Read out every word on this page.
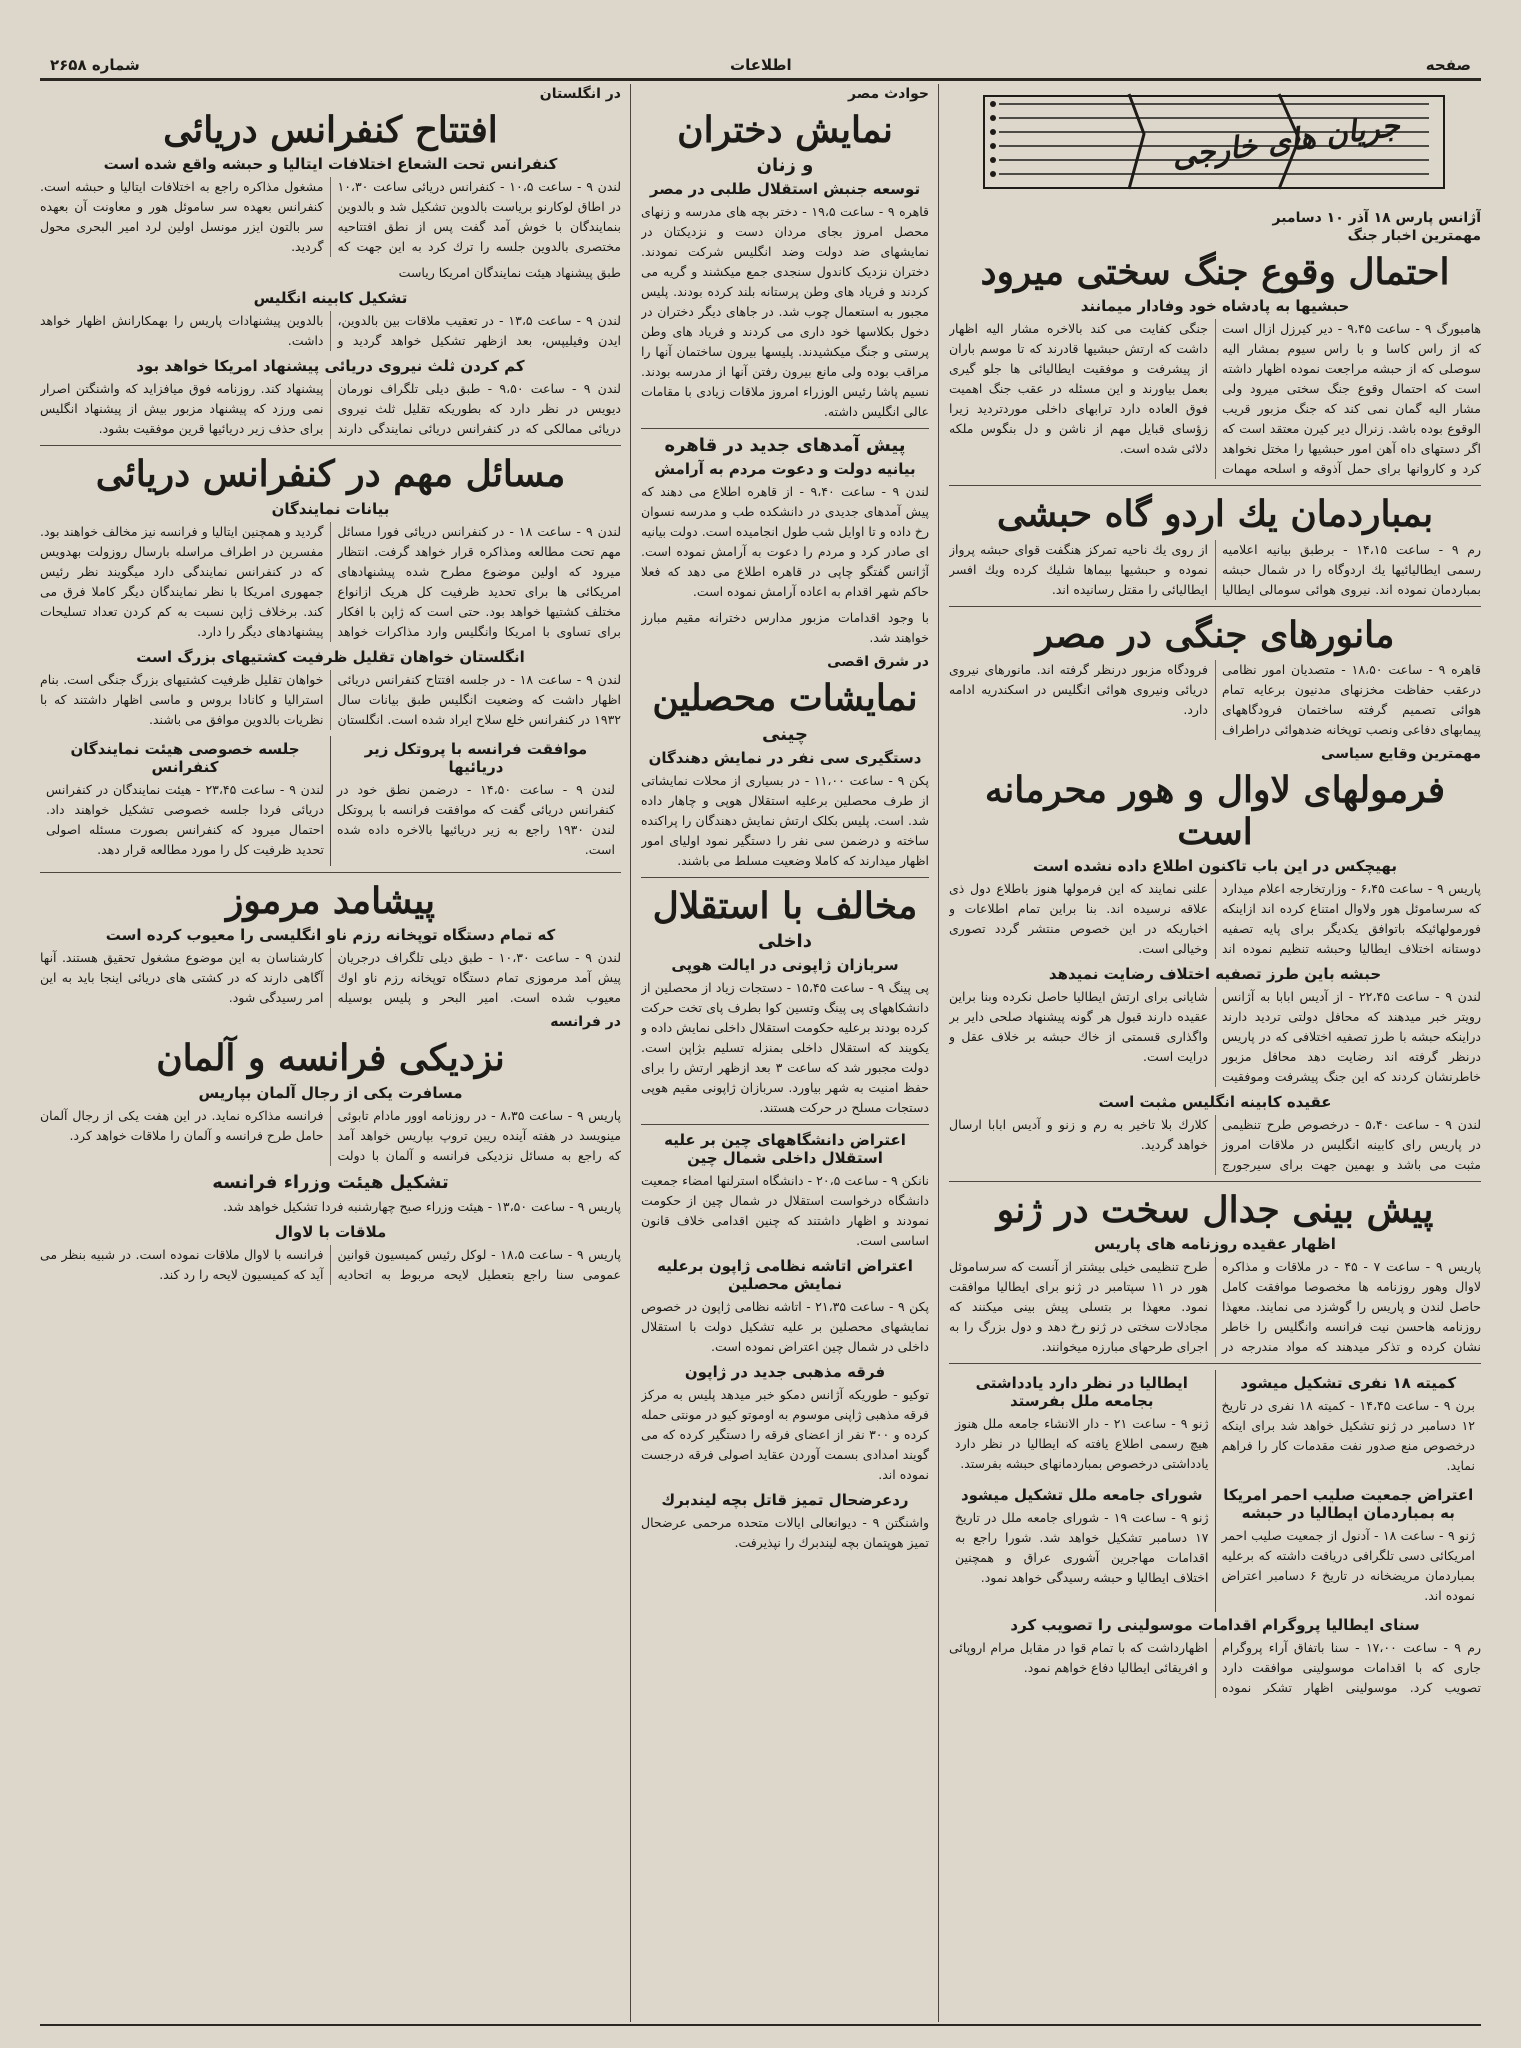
صفحه
اطلاعات
شماره ۲۶۵۸
جریان های خارجی
آژانس پارس ۱۸ آذر ۱۰ دسامبر
مهمترین اخبار جنگ
احتمال وقوع جنگ سختی میرود
حبشیها به پادشاه خود وفادار میمانند
هامبورگ ۹ - ساعت ۹،۴۵ - دیر کیرزل ازال است که از راس کاسا و با راس سیوم بمشار الیه سوصلی که از حبشه مراجعت نموده اظهار داشته است که احتمال وقوع جنگ سختی میرود ولی مشار الیه گمان نمی کند که جنگ مزبور قریب الوقوع بوده باشد. زنرال دیر کیرن معتقد است که اگر دستهای داه آهن امور حبشیها را مختل نخواهد کرد و کاروانها برای حمل آذوقه و اسلحه مهمات جنگی کفایت می کند بالاخره مشار الیه اظهار داشت که ارتش حبشیها قادرند که تا موسم باران از پیشرفت و موفقیت ایطالیائی ها جلو گیری بعمل بیاورند و این مسئله در عقب جنگ اهمیت فوق العاده دارد ترابهای داخلی موردتردید زیرا زؤسای قبایل مهم از ناشن و دل بنگوس ملکه دلائی شده است.
بمباردمان یك اردو گاه حبشی
رم ۹ - ساعت ۱۴،۱۵ - برطبق بیانیه اعلامیه رسمی ایطالیائیها یك اردوگاه را در شمال حبشه بمباردمان نموده اند. نیروی هوائی سومالی ایطالیا از روی یك ناحیه تمرکز هنگفت قوای حبشه پرواز نموده و حبشیها بیماها شلیك کرده ویك افسر ایطالیائی را مقتل رسانیده اند.
مانورهای جنگی در مصر
قاهره ۹ - ساعت ۱۸،۵۰ - متصدیان امور نظامی درعقب حفاظت مخزنهای مدنیون برعایه تمام هوائی تصمیم گرفته ساختمان فرودگاههای پیمابهای دفاعی ونصب توپخانه ضدهوائی دراطراف فرودگاه مزبور درنظر گرفته اند. مانورهای نیروی دریائی ونیروی هوائی انگلیس در اسکندریه ادامه دارد.
مهمترین وقایع سیاسی
فرمولهای لاوال و هور محرمانه است
بهیچکس در این باب تاکنون اطلاع داده نشده است
پاریس ۹ - ساعت ۶،۴۵ - وزارتخارجه اعلام میدارد که سرساموئل هور ولاوال امتناع کرده اند ازاینکه فورمولهائیکه باتوافق یکدیگر برای پایه تصفیه دوستانه اختلاف ایطالیا وحبشه تنظیم نموده اند علنی نمایند که این فرمولها هنوز باطلاع دول ذی علاقه نرسیده اند. بنا براین تمام اطلاعات و اخباریکه در این خصوص منتشر گردد تصوری وخیالی است.
حبشه باین طرز تصفیه اختلاف رضایت نمیدهد
لندن ۹ - ساعت ۲۲،۴۵ - از آدیس ابابا به آژانس رویتر خبر میدهند که محافل دولتی تردید دارند دراینکه حبشه با طرز تصفیه اختلافی که در پاریس درنظر گرفته اند رضایت دهد محافل مزبور خاطرنشان کردند که این جنگ پیشرفت وموفقیت شایانی برای ارتش ایطالیا حاصل نکرده وبنا براین عقیده دارند قبول هر گونه پیشنهاد صلحی داير بر واگذاری قسمتی از خاك حبشه بر خلاف عقل و درایت است.
عقیده کابینه انگلیس مثبت است
لندن ۹ - ساعت ۵،۴۰ - درخصوص طرح تنظیمی در پاریس رای کابینه انگلیس در ملاقات امروز مثبت می باشد و بهمین جهت برای سیرجورج کلارك بلا تاخیر به رم و زنو و آدیس ابابا ارسال خواهد گردید.
پیش بینی جدال سخت در ژنو
اظهار عقیده روزنامه های پاریس
پاریس ۹ - ساعت ۷ - ۴۵ - در ملاقات و مذاکره لاوال وهور روزنامه ها مخصوصا موافقت کامل حاصل لندن و پاریس را گوشزد می نمایند. معهذا روزنامه هاحسن نیت فرانسه وانگلیس را خاطر نشان کرده و تذکر میدهند که مواد مندرجه در طرح تنظیمی خیلی بیشتر از آنست که سرساموئل هور در ۱۱ سپتامبر در ژنو برای ایطالیا موافقت نمود. معهذا بر بتسلی پیش بینی میکنند که مجادلات سختی در ژنو رخ دهد و دول بزرگ را به اجرای طرحهای مبارزه میخوانند.
کمیته ۱۸ نفری تشکیل میشود
برن ۹ - ساعت ۱۴،۴۵ - کمیته ۱۸ نفری در تاریخ ۱۲ دسامبر در ژنو تشکیل خواهد شد برای اینکه درخصوص منع صدور نفت مقدمات کار را فراهم نماید.
ایطالیا در نظر دارد یادداشتی بجامعه ملل بفرستد
ژنو ۹ - ساعت ۲۱ - دار الانشاء جامعه ملل هنوز هیچ رسمی اطلاع یافته که ایطالیا در نظر دارد یادداشتی درخصوص بمباردمانهای حبشه بفرستد.
اعتراض جمعیت صلیب احمر امریکا به بمباردمان ایطالیا در حبشه
ژنو ۹ - ساعت ۱۸ - آدنول از جمعیت صلیب احمر امریکائی دسی تلگرافی دریافت داشته که برعلیه بمباردمان مریضخانه در تاریخ ۶ دسامبر اعتراض نموده اند.
شورای جامعه ملل تشکیل میشود
ژنو ۹ - ساعت ۱۹ - شورای جامعه ملل در تاریخ ۱۷ دسامبر تشکیل خواهد شد. شورا راجع به اقدامات مهاجرین آشوری عراق و همچنین اختلاف ایطالیا و حبشه رسیدگی خواهد نمود.
سنای ایطالیا پروگرام اقدامات موسولینی را تصویب کرد
رم ۹ - ساعت ۱۷،۰۰ - سنا باتفاق آراء پروگرام جاری که با اقدامات موسولینی موافقت دارد تصویب کرد. موسولینی اظهار تشکر نموده اظهارداشت که با تمام قوا در مقابل مرام اروپائی و افریقائی ایطالیا دفاع خواهم نمود.
حوادث مصر
نمایش دختران
و زنان
توسعه جنبش استقلال طلبی در مصر
قاهره ۹ - ساعت ۱۹،۵ - دختر بچه های مدرسه و زنهای محصل امروز بجای مردان دست و نزدیکتان در نمایشهای ضد دولت وضد انگلیس شرکت نمودند. دختران نزدیک کاندول سنجدی جمع میکشند و گریه می کردند و فریاد های وطن پرستانه بلند کرده بودند. پلیس مجبور به استعمال چوب شد. در جاهای دیگر دختران در دخول بکلاسها خود داری می کردند و فریاد های وطن پرستی و جنگ میکشیدند. پلیسها بیرون ساختمان آنها را مراقب بوده ولی مانع بیرون رفتن آنها از مدرسه بودند. نسیم پاشا رئیس الوزراء امروز ملاقات زیادی با مقامات عالی انگلیس داشته.
پیش آمدهای جدید در قاهره
بیانیه دولت و دعوت مردم به آرامش
لندن ۹ - ساعت ۹،۴۰ - از قاهره اطلاع می دهند که پیش آمدهای جدیدی در دانشکده طب و مدرسه نسوان رخ داده و تا اوایل شب طول انجامیده است. دولت بیانیه ای صادر کرد و مردم را دعوت به آرامش نموده است. آژانس گفتگو چاپی در قاهره اطلاع می دهد که فعلا حاکم شهر اقدام به اعاده آرامش نموده است.
با وجود اقدامات مزبور مدارس دخترانه مقیم مبارز خواهند شد.
در شرق اقصی
نمایشات محصلین
چینی
دستگیری سی نفر در نمایش دهندگان
پکن ۹ - ساعت ۱۱،۰۰ - در بسیاری از محلات نمایشاتی از طرف محصلین برعلیه استقلال هوپی و چاهار داده شد. است. پلیس بکلک ارتش نمایش دهندگان را پراکنده ساخته و درضمن سی نفر را دستگیر نمود اولیای امور اظهار میدارند که کاملا وضعیت مسلط می باشند.
مخالف با استقلال
داخلی
سربازان ژاپونی در ایالت هوپی
پی پینگ ۹ - ساعت ۱۵،۴۵ - دستجات زیاد از محصلین از دانشکاههای پی پینگ وتسین کوا بطرف پای تخت حرکت کرده بودند برعلیه حکومت استقلال داخلی نمایش داده و یکویند که استقلال داخلی بمنزله تسلیم بژاپن است. دولت مجبور شد که ساعت ۳ بعد ازظهر ارتش را برای حفظ امنیت به شهر بیاورد. سربازان ژاپونی مقیم هوپی دستجات مسلح در حرکت هستند.
اعتراض دانشگاههای چین بر علیه استقلال داخلی شمال چین
نانکن ۹ - ساعت ۲۰،۵ - دانشگاه استرلنها امضاء جمعیت دانشگاه درخواست استقلال در شمال چین از حکومت نمودند و اظهار داشتند که چنین اقدامی خلاف قانون اساسی است.
اعتراض اتاشه نظامی ژاپون برعلیه نمایش محصلین
پکن ۹ - ساعت ۲۱،۳۵ - اتاشه نظامی ژاپون در خصوص نمایشهای محصلین بر علیه تشکیل دولت با استقلال داخلی در شمال چین اعتراض نموده است.
فرقه مذهبی جدید در ژاپون
توکیو - طوریکه آژانس دمکو خبر میدهد پلیس به مرکز فرقه مذهبی ژاپنی موسوم به اوموتو کیو در مونتی حمله کرده و ۳۰۰ نفر از اعضای فرقه را دستگیر کرده که می گویند امدادی بسمت آوردن عقاید اصولی فرقه درجست نموده اند.
ردعرضحال تمیز قاتل بچه لیندبرك
واشنگتن ۹ - دیوانعالی ایالات متحده مرحمی عرضحال تمیز هوپتمان بچه لیندبرك را نپذیرفت.
در انگلستان
افتتاح کنفرانس دریائی
کنفرانس تحت الشعاع اختلافات ایتالیا و حبشه واقع شده است
لندن ۹ - ساعت ۱۰،۵ - کنفرانس دریائی ساعت ۱۰،۳۰ در اطاق لوکارنو بریاست بالدوین تشکیل شد و بالدوین بنمایندگان با خوش آمد گفت پس از نطق افتتاحیه مختصری بالدوین جلسه را ترك کرد به این جهت که مشغول مذاکره راجع به اختلافات ایتالیا و حبشه است. کنفرانس بعهده سر ساموئل هور و معاونت آن بعهده سر بالتون ایزر مونسل اولین لرد امیر البحری محول گردید.
طبق پیشنهاد هیئت نمایندگان امریکا ریاست
تشکیل کابینه انگلیس
لندن ۹ - ساعت ۱۳،۵ - در تعقیب ملاقات بین بالدوین، ایدن وفیلیپس، بعد ازظهر تشکیل خواهد گردید و بالدوین پیشنهادات پاریس را بهمکارانش اظهار خواهد داشت.
کم کردن ثلث نیروی دریائی پیشنهاد امریکا خواهد بود
لندن ۹ - ساعت ۹،۵۰ - طبق دیلی تلگراف نورمان دیویس در نظر دارد که بطوریکه تقلیل ثلث نیروی دریائی ممالکی که در کنفرانس دریائی نمایندگی دارند پیشنهاد کند. روزنامه فوق میافزاید که واشنگتن اصرار نمی ورزد که پیشنهاد مزبور بیش از پیشنهاد انگلیس برای حذف زیر دریائیها قرین موفقیت بشود.
مسائل مهم در کنفرانس دریائی
بیانات نمایندگان
لندن ۹ - ساعت ۱۸ - در کنفرانس دریائی فورا مسائل مهم تحت مطالعه ومذاکره قرار خواهد گرفت. انتظار میرود که اولین موضوع مطرح شده پیشنهادهای امریکائی ها برای تحدید ظرفیت کل هریک ازانواع مختلف کشتیها خواهد بود. حتی است که ژاپن با افکار برای تساوی با امریکا وانگلیس وارد مذاکرات خواهد گردید و همچنین ایتالیا و فرانسه نیز مخالف خواهند بود. مفسرین در اطراف مراسله بارسال روزولت بهدویس که در کنفرانس نمایندگی دارد میگویند نظر رئیس جمهوری امریکا با نظر نمایندگان دیگر کاملا فرق می کند. برخلاف ژاپن نسبت به کم کردن تعداد تسلیحات پیشنهادهای دیگر را دارد.
انگلستان خواهان تقلیل ظرفیت کشتیهای بزرگ است
لندن ۹ - ساعت ۱۸ - در جلسه افتتاح کنفرانس دریائی اظهار داشت که وضعیت انگلیس طبق بیانات سال ۱۹۳۲ در کنفرانس خلع سلاح ایراد شده است. انگلستان خواهان تقلیل ظرفیت کشتیهای بزرگ جنگی است. بنام استرالیا و کانادا بروس و ماسی اظهار داشتند که با نظریات بالدوین موافق می باشند.
موافقت فرانسه با پروتکل زیر دریائیها
لندن ۹ - ساعت ۱۴،۵۰ - درضمن نطق خود در کنفرانس دریائی گفت که موافقت فرانسه با پروتکل لندن ۱۹۳۰ راجع به زیر دریائیها بالاخره داده شده است.
جلسه خصوصی هیئت نمایندگان کنفرانس
لندن ۹ - ساعت ۲۳،۴۵ - هیئت نمایندگان در کنفرانس دریائی فردا جلسه خصوصی تشکیل خواهند داد. احتمال میرود که کنفرانس بصورت مسئله اصولی تحدید ظرفیت کل را مورد مطالعه قرار دهد.
پیشامد مرموز
که تمام دستگاه توپخانه رزم ناو انگلیسی را معیوب کرده است
لندن ۹ - ساعت ۱۰،۳۰ - طبق دیلی تلگراف درجریان پیش آمد مرموزی تمام دستگاه توپخانه رزم ناو اوك معیوب شده است. امیر البحر و پلیس بوسیله کارشناسان به این موضوع مشغول تحقیق هستند. آنها آگاهی دارند که در کشتی های دریائی اینجا باید به این امر رسیدگی شود.
در فرانسه
نزدیکی فرانسه و آلمان
مسافرت یکی از رجال آلمان بپاریس
پاریس ۹ - ساعت ۸،۳۵ - در روزنامه اوور مادام تابوئی مینویسد در هفته آینده ریبن تروپ بپاریس خواهد آمد که راجع به مسائل نزدیکی فرانسه و آلمان با دولت فرانسه مذاکره نماید. در این هفت یکی از رجال آلمان حامل طرح فرانسه و آلمان را ملاقات خواهد کرد.
تشکیل هیئت وزراء فرانسه
پاریس ۹ - ساعت ۱۳،۵۰ - هیئت وزراء صبح چهارشنبه فردا تشکیل خواهد شد.
ملاقات با لاوال
پاریس ۹ - ساعت ۱۸،۵ - لوکل رئیس کمیسیون قوانین عمومی سنا راجع بتعطیل لایحه مربوط به اتحادیه فرانسه با لاوال ملاقات نموده است. در شبیه بنظر می آید که کمیسیون لایحه را رد کند.
